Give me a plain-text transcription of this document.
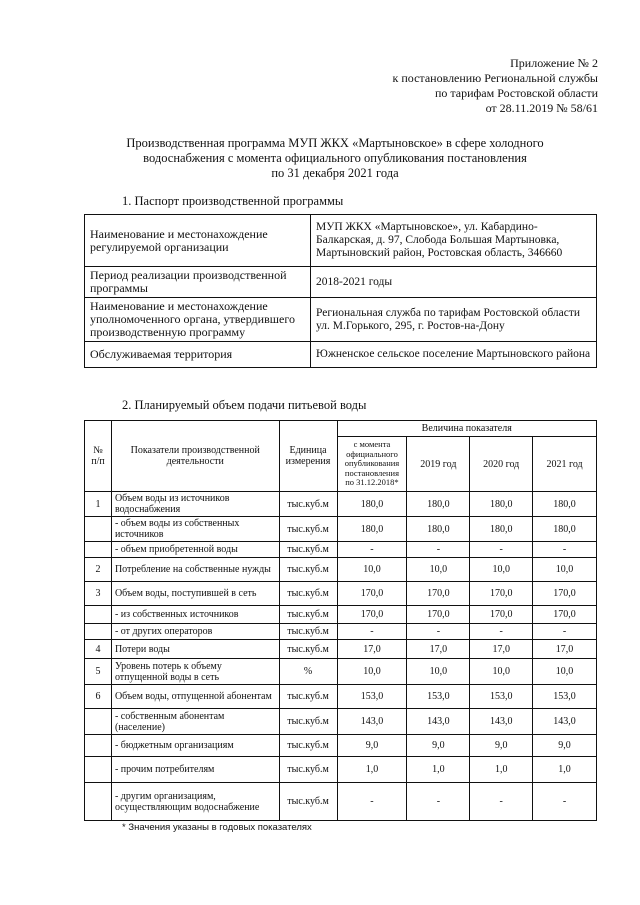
Приложение № 2
к постановлению Региональной службы
по тарифам Ростовской области
от 28.11.2019 № 58/61
Производственная программа МУП ЖКХ «Мартыновское» в сфере холодного
водоснабжения с момента официального опубликования постановления
по 31 декабря 2021 года
1. Паспорт производственной программы
Наименование и местонахождение регулируемой организации	МУП ЖКХ «Мартыновское», ул. Кабардино-Балкарская, д. 97, Слобода Большая Мартыновка, Мартыновский район, Ростовская область, 346660
Период реализации производственной программы	2018-2021 годы
Наименование и местонахождение уполномоченного органа, утвердившего производственную программу	Региональная служба по тарифам Ростовской области ул. М.Горького, 295, г. Ростов-на-Дону
Обслуживаемая территория	Южненское сельское поселение Мартыновского района
2. Планируемый объем подачи питьевой воды
№ п/п	Показатели производственной деятельности	Единица измерения	Величина показателя			
			с момента официального опубликования постановления по 31.12.2018*	2019 год	2020 год	2021 год
1	Объем воды из источников водоснабжения	тыс.куб.м	180,0	180,0	180,0	180,0
	- объем воды из собственных источников	тыс.куб.м	180,0	180,0	180,0	180,0
	- объем приобретенной воды	тыс.куб.м	-	-	-	-
2	Потребление на собственные нужды	тыс.куб.м	10,0	10,0	10,0	10,0
3	Объем воды, поступившей в сеть	тыс.куб.м	170,0	170,0	170,0	170,0
	- из собственных источников	тыс.куб.м	170,0	170,0	170,0	170,0
	- от других операторов	тыс.куб.м	-	-	-	-
4	Потери воды	тыс.куб.м	17,0	17,0	17,0	17,0
5	Уровень потерь к объему отпущенной воды в сеть	%	10,0	10,0	10,0	10,0
6	Объем воды, отпущенной абонентам	тыс.куб.м	153,0	153,0	153,0	153,0
	- собственным абонентам (население)	тыс.куб.м	143,0	143,0	143,0	143,0
	- бюджетным организациям	тыс.куб.м	9,0	9,0	9,0	9,0
	- прочим потребителям	тыс.куб.м	1,0	1,0	1,0	1,0
	- другим организациям, осуществляющим водоснабжение	тыс.куб.м	-	-	-	-
* Значения указаны в годовых показателях
